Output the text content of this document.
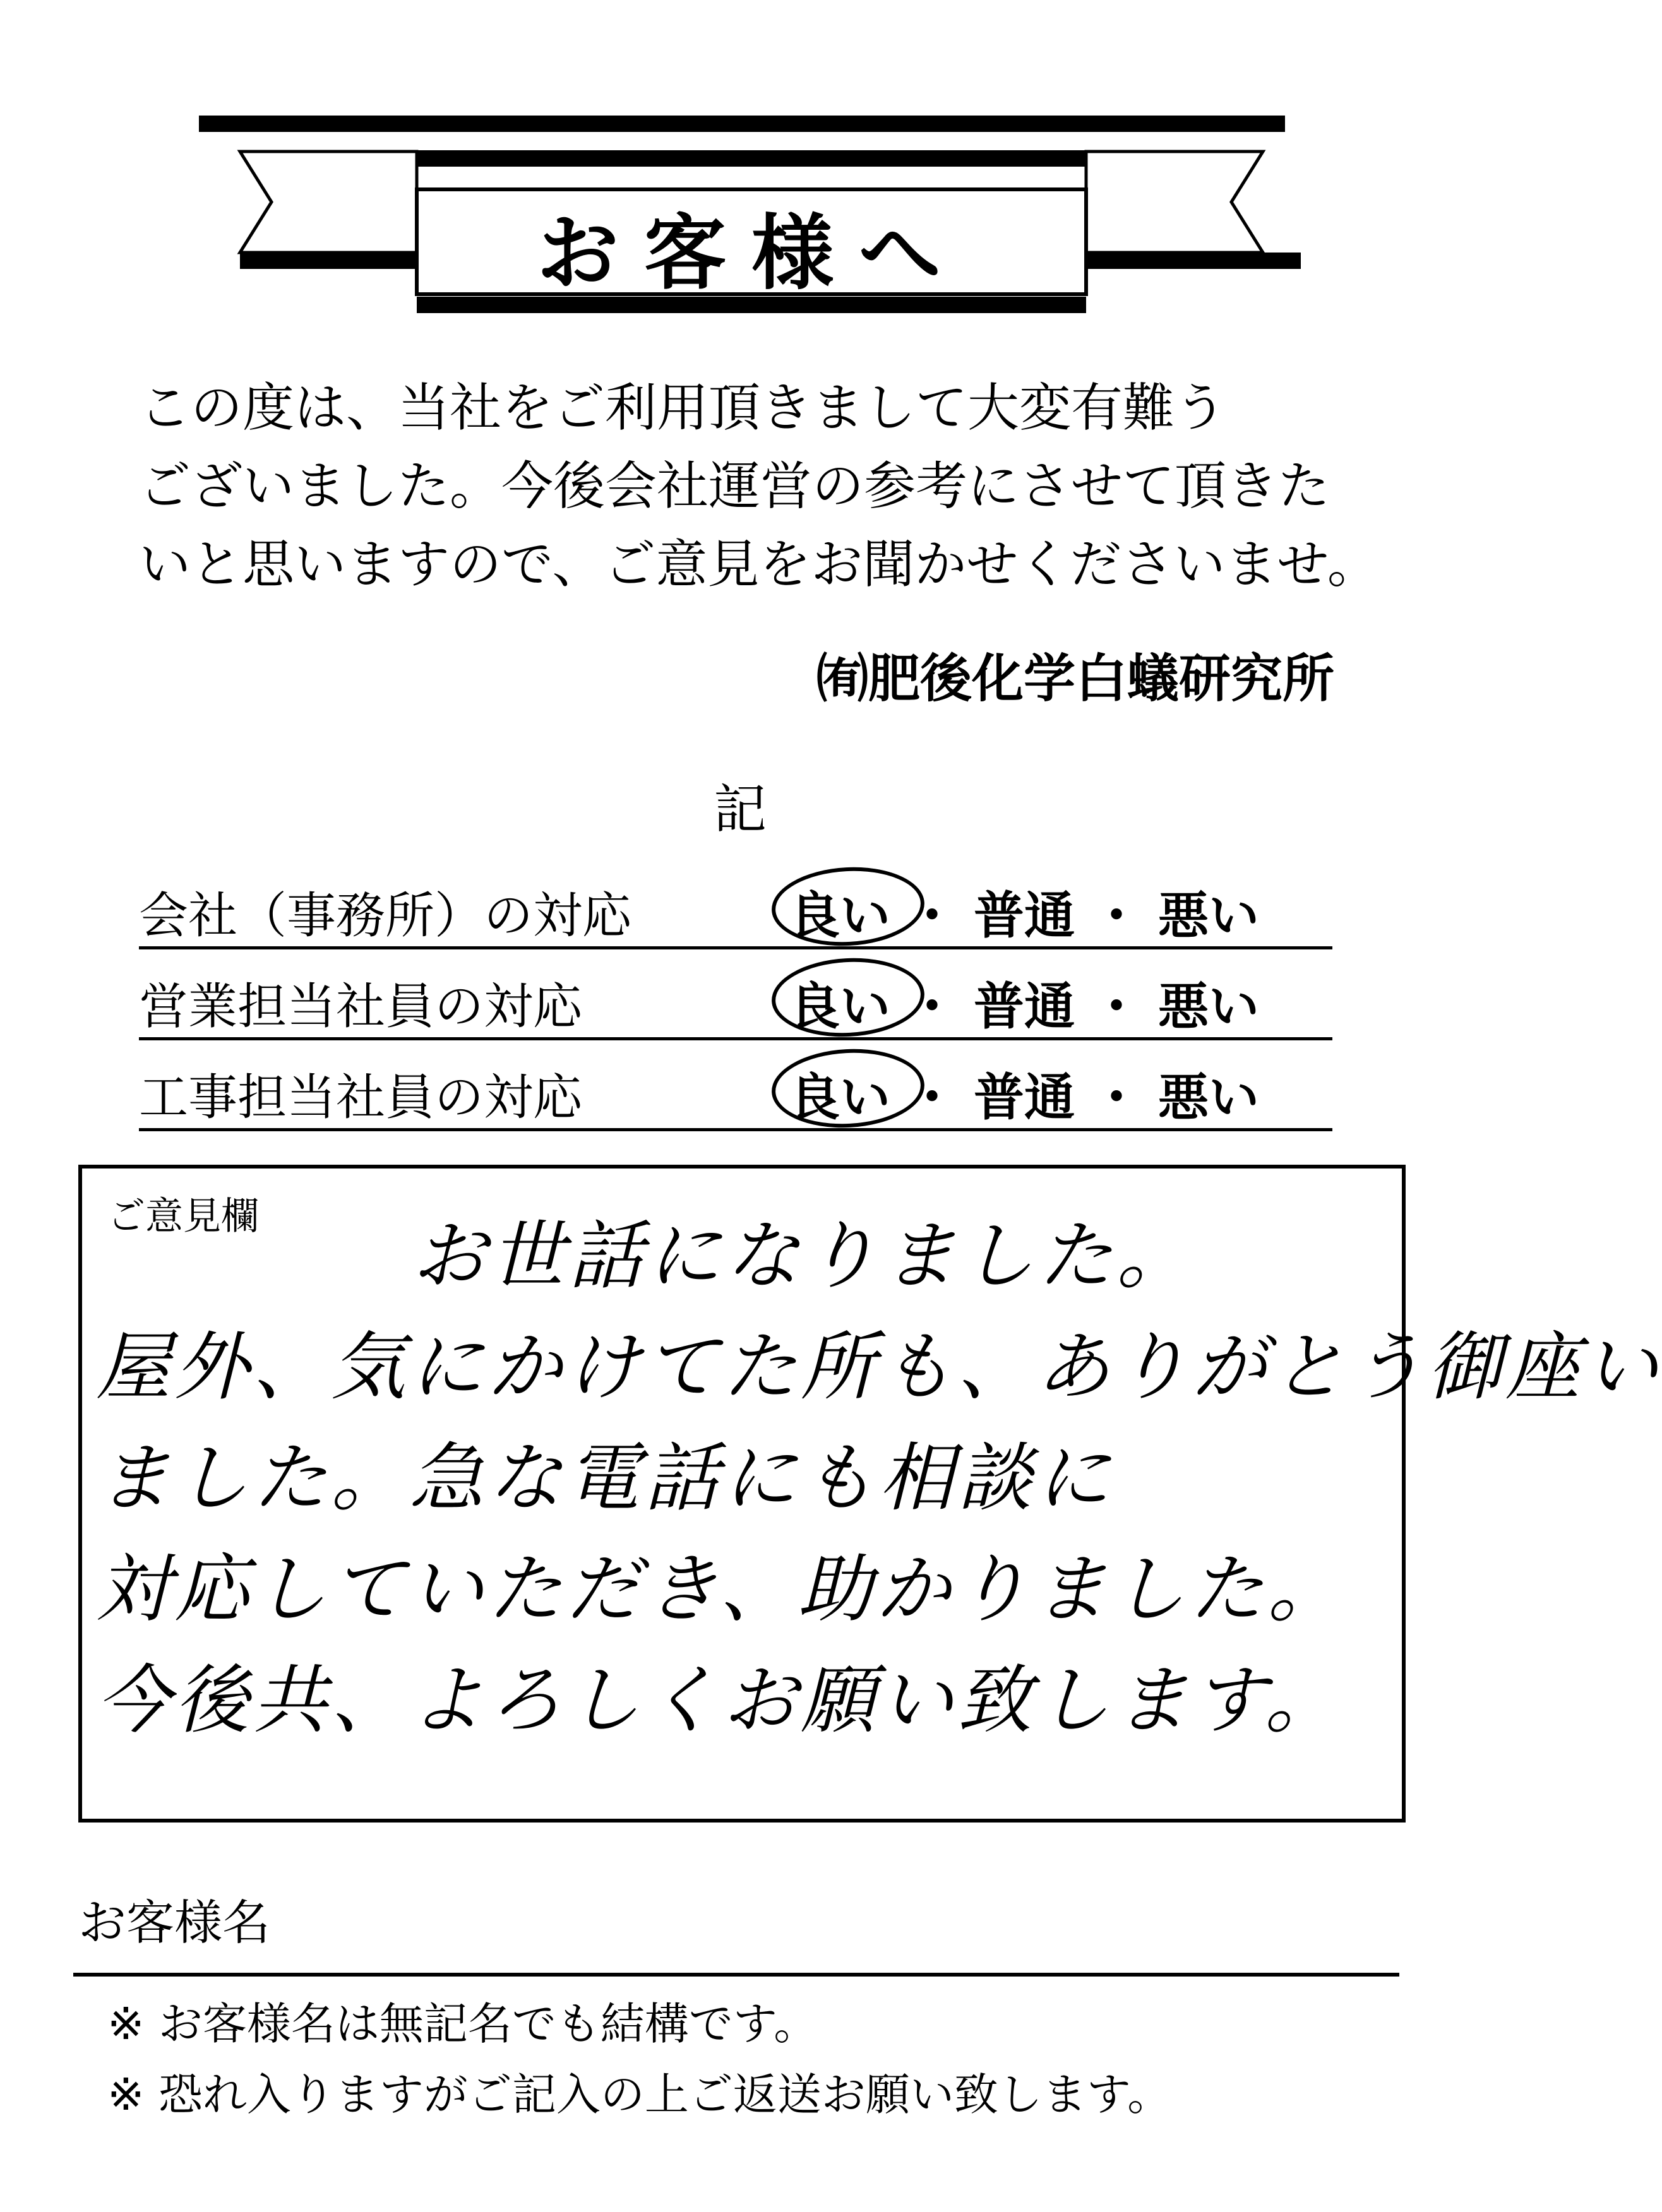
お客様へ
この度は、当社をご利用頂きまして大変有難う
ございました。今後会社運営の参考にさせて頂きた
いと思いますので、ご意見をお聞かせくださいませ。
㈲肥後化学白蟻研究所
記
会社（事務所）の対応	良い ・ 普通 ・ 悪い
営業担当社員の対応	良い ・ 普通 ・ 悪い
工事担当社員の対応	良い ・ 普通 ・ 悪い
ご意見欄	お世話になりました。
屋外、気にかけてた所も、ありがとう御座い
ました。急な電話にも相談に
対応していただき、助かりました。
今後共、よろしくお願い致します。
お客様名
※ お客様名は無記名でも結構です。
※ 恐れ入りますがご記入の上ご返送お願い致します。
